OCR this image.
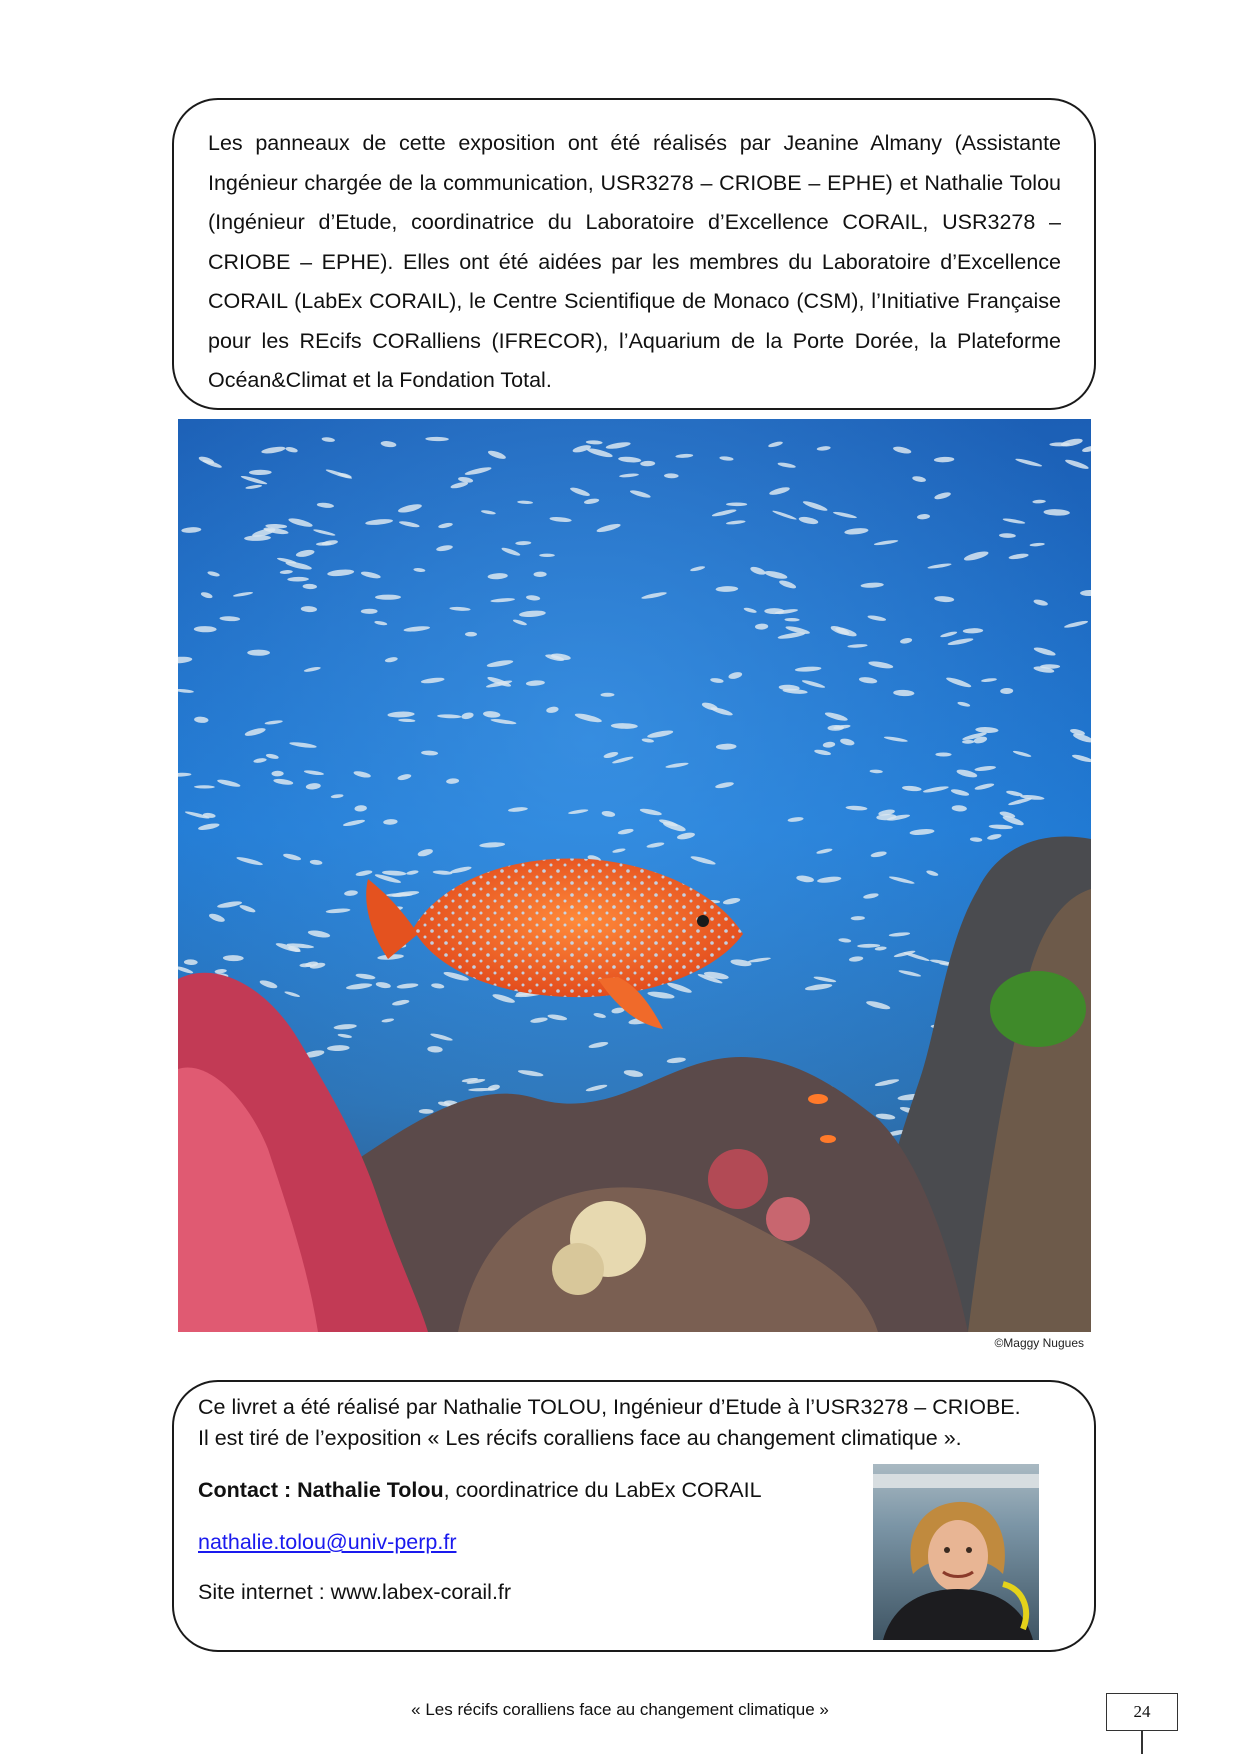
Les panneaux de cette exposition ont été réalisés par Jeanine Almany (Assistante Ingénieur chargée de la communication, USR3278 – CRIOBE – EPHE) et Nathalie Tolou (Ingénieur d’Etude, coordinatrice du Laboratoire d’Excellence CORAIL, USR3278 – CRIOBE – EPHE). Elles ont été aidées par les membres du Laboratoire d’Excellence CORAIL (LabEx CORAIL), le Centre Scientifique de Monaco (CSM), l’Initiative Française pour les REcifs CORalliens (IFRECOR), l’Aquarium de la Porte Dorée, la Plateforme Océan&Climat et la Fondation Total.

©Maggy Nugues
Ce livret a été réalisé par Nathalie TOLOU, Ingénieur d’Etude à l’USR3278 – CRIOBE.
Il est tiré de l’exposition « Les récifs coralliens face au changement climatique ».
Contact : Nathalie Tolou, coordinatrice du LabEx CORAIL
nathalie.tolou@univ-perp.fr
Site internet : www.labex-corail.fr
« Les récifs coralliens face au changement climatique »	24
